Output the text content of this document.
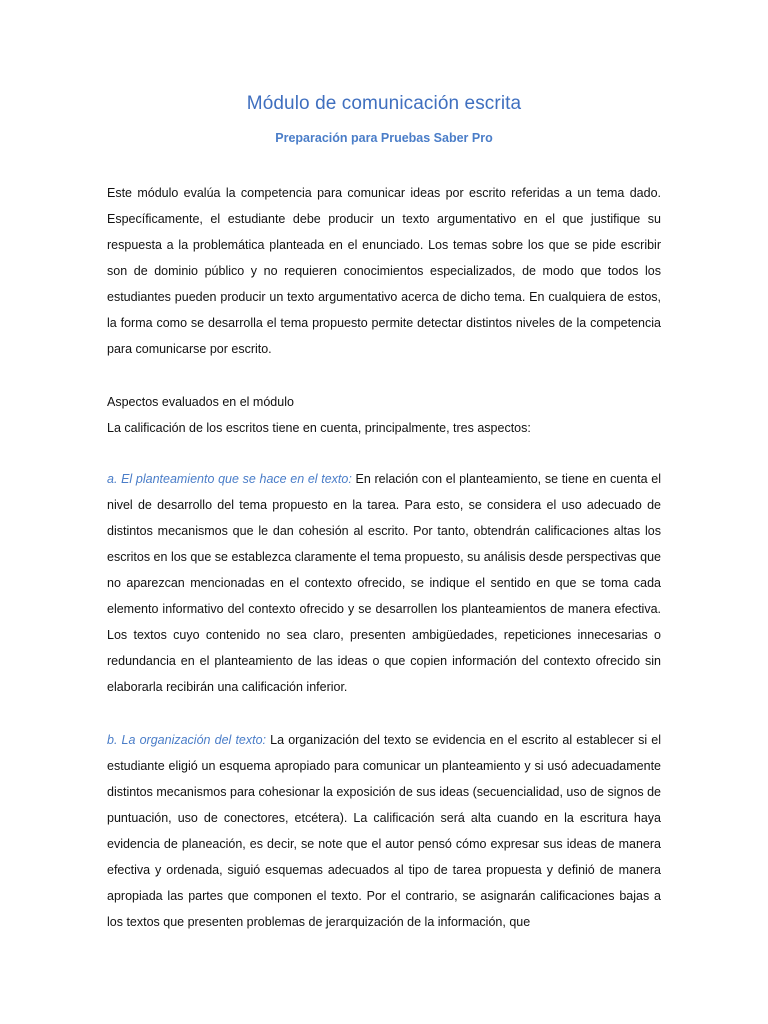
Módulo de comunicación escrita
Preparación para Pruebas Saber Pro

Este módulo evalúa la competencia para comunicar ideas por escrito referidas a un tema dado. Específicamente, el estudiante debe producir un texto argumentativo en el que justifique su respuesta a la problemática planteada en el enunciado. Los temas sobre los que se pide escribir son de dominio público y no requieren conocimientos especializados, de modo que todos los estudiantes pueden producir un texto argumentativo acerca de dicho tema. En cualquiera de estos, la forma como se desarrolla el tema propuesto permite detectar distintos niveles de la competencia para comunicarse por escrito.

Aspectos evaluados en el módulo

La calificación de los escritos tiene en cuenta, principalmente, tres aspectos:

a. El planteamiento que se hace en el texto: En relación con el planteamiento, se tiene en cuenta el nivel de desarrollo del tema propuesto en la tarea. Para esto, se considera el uso adecuado de distintos mecanismos que le dan cohesión al escrito. Por tanto, obtendrán calificaciones altas los escritos en los que se establezca claramente el tema propuesto, su análisis desde perspectivas que no aparezcan mencionadas en el contexto ofrecido, se indique el sentido en que se toma cada elemento informativo del contexto ofrecido y se desarrollen los planteamientos de manera efectiva. Los textos cuyo contenido no sea claro, presenten ambigüedades, repeticiones innecesarias o redundancia en el planteamiento de las ideas o que copien información del contexto ofrecido sin elaborarla recibirán una calificación inferior.

b. La organización del texto: La organización del texto se evidencia en el escrito al establecer si el estudiante eligió un esquema apropiado para comunicar un planteamiento y si usó adecuadamente distintos mecanismos para cohesionar la exposición de sus ideas (secuencialidad, uso de signos de puntuación, uso de conectores, etcétera). La calificación será alta cuando en la escritura haya evidencia de planeación, es decir, se note que el autor pensó cómo expresar sus ideas de manera efectiva y ordenada, siguió esquemas adecuados al tipo de tarea propuesta y definió de manera apropiada las partes que componen el texto. Por el contrario, se asignarán calificaciones bajas a los textos que presenten problemas de jerarquización de la información, que
